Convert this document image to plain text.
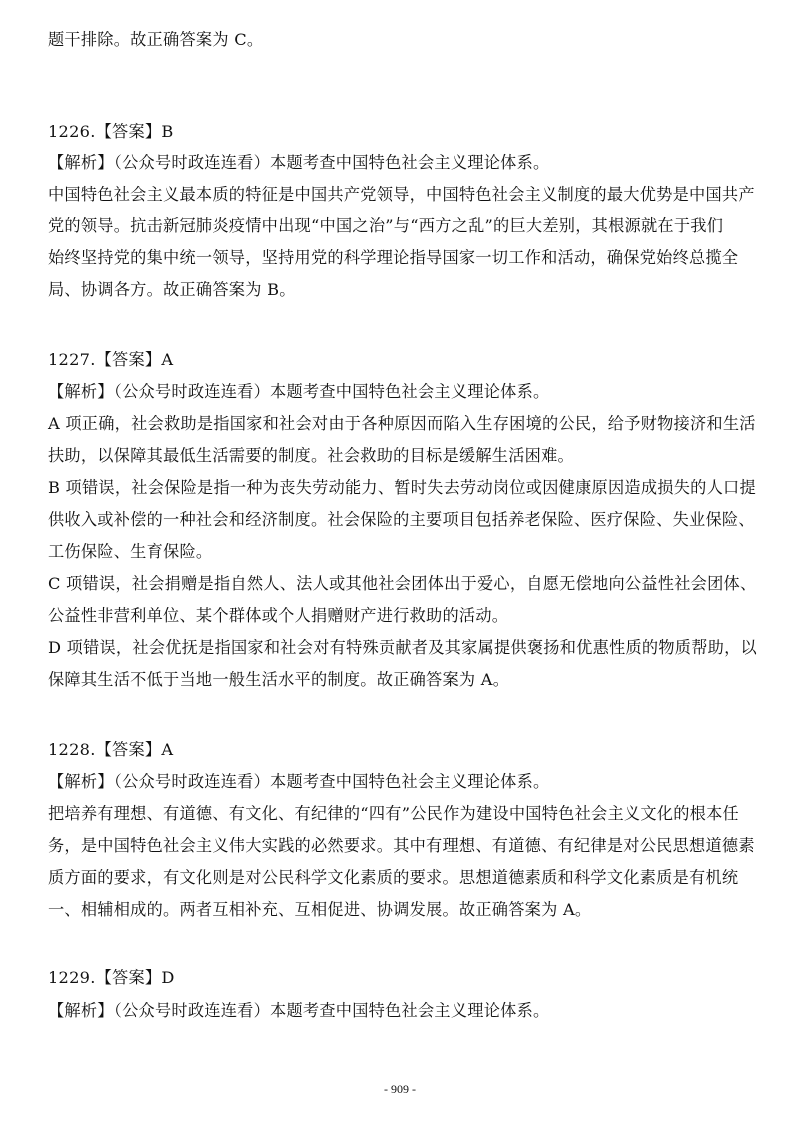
题干排除。故正确答案为 C。
1226.【答案】B
【解析】（公众号时政连连看）本题考查中国特色社会主义理论体系。
中国特色社会主义最本质的特征是中国共产党领导，中国特色社会主义制度的最大优势是中国共产
党的领导。抗击新冠肺炎疫情中出现“中国之治”与“西方之乱”的巨大差别，其根源就在于我们
始终坚持党的集中统一领导，坚持用党的科学理论指导国家一切工作和活动，确保党始终总揽全
局、协调各方。故正确答案为 B。
1227.【答案】A
【解析】（公众号时政连连看）本题考查中国特色社会主义理论体系。
A 项正确，社会救助是指国家和社会对由于各种原因而陷入生存困境的公民，给予财物接济和生活
扶助，以保障其最低生活需要的制度。社会救助的目标是缓解生活困难。
B 项错误，社会保险是指一种为丧失劳动能力、暂时失去劳动岗位或因健康原因造成损失的人口提
供收入或补偿的一种社会和经济制度。社会保险的主要项目包括养老保险、医疗保险、失业保险、
工伤保险、生育保险。
C 项错误，社会捐赠是指自然人、法人或其他社会团体出于爱心，自愿无偿地向公益性社会团体、
公益性非营利单位、某个群体或个人捐赠财产进行救助的活动。
D 项错误，社会优抚是指国家和社会对有特殊贡献者及其家属提供褒扬和优惠性质的物质帮助，以
保障其生活不低于当地一般生活水平的制度。故正确答案为 A。
1228.【答案】A
【解析】（公众号时政连连看）本题考查中国特色社会主义理论体系。
把培养有理想、有道德、有文化、有纪律的“四有”公民作为建设中国特色社会主义文化的根本任
务，是中国特色社会主义伟大实践的必然要求。其中有理想、有道德、有纪律是对公民思想道德素
质方面的要求，有文化则是对公民科学文化素质的要求。思想道德素质和科学文化素质是有机统
一、相辅相成的。两者互相补充、互相促进、协调发展。故正确答案为 A。
1229.【答案】D
【解析】（公众号时政连连看）本题考查中国特色社会主义理论体系。
- 909 -
